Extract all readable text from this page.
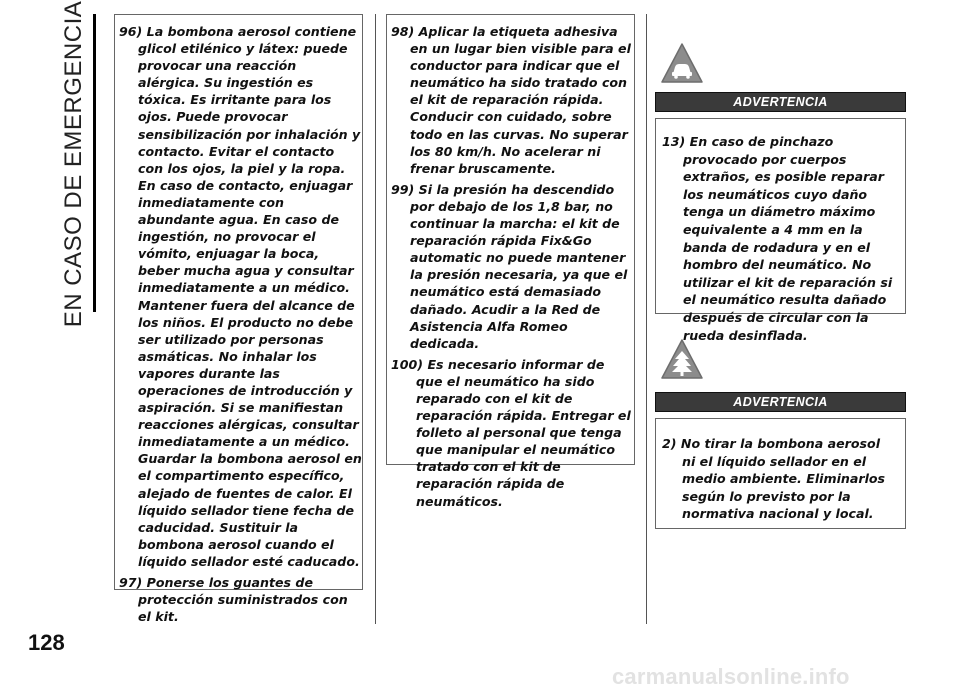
EN CASO DE EMERGENCIA
128

96) La bombona aerosol contiene glicol etilénico y látex: puede provocar una reacción alérgica. Su ingestión es tóxica. Es irritante para los ojos. Puede provocar sensibilización por inhalación y contacto. Evitar el contacto con los ojos, la piel y la ropa. En caso de contacto, enjuagar inmediatamente con abundante agua. En caso de ingestión, no provocar el vómito, enjuagar la boca, beber mucha agua y consultar inmediatamente a un médico. Mantener fuera del alcance de los niños. El producto no debe ser utilizado por personas asmáticas. No inhalar los vapores durante las operaciones de introducción y aspiración. Si se manifiestan reacciones alérgicas, consultar inmediatamente a un médico. Guardar la bombona aerosol en el compartimento específico, alejado de fuentes de calor. El líquido sellador tiene fecha de caducidad. Sustituir la bombona aerosol cuando el líquido sellador esté caducado.

97) Ponerse los guantes de protección suministrados con el kit.

98) Aplicar la etiqueta adhesiva en un lugar bien visible para el conductor para indicar que el neumático ha sido tratado con el kit de reparación rápida. Conducir con cuidado, sobre todo en las curvas. No superar los 80 km/h. No acelerar ni frenar bruscamente.

99) Si la presión ha descendido por debajo de los 1,8 bar, no continuar la marcha: el kit de reparación rápida Fix&Go automatic no puede mantener la presión necesaria, ya que el neumático está demasiado dañado. Acudir a la Red de Asistencia Alfa Romeo dedicada.

100) Es necesario informar de que el neumático ha sido reparado con el kit de reparación rápida. Entregar el folleto al personal que tenga que manipular el neumático tratado con el kit de reparación rápida de neumáticos.

ADVERTENCIA

13) En caso de pinchazo provocado por cuerpos extraños, es posible reparar los neumáticos cuyo daño tenga un diámetro máximo equivalente a 4 mm en la banda de rodadura y en el hombro del neumático. No utilizar el kit de reparación si el neumático resulta dañado después de circular con la rueda desinflada.

ADVERTENCIA

2) No tirar la bombona aerosol ni el líquido sellador en el medio ambiente. Eliminarlos según lo previsto por la normativa nacional y local.

carmanualsonline.info
